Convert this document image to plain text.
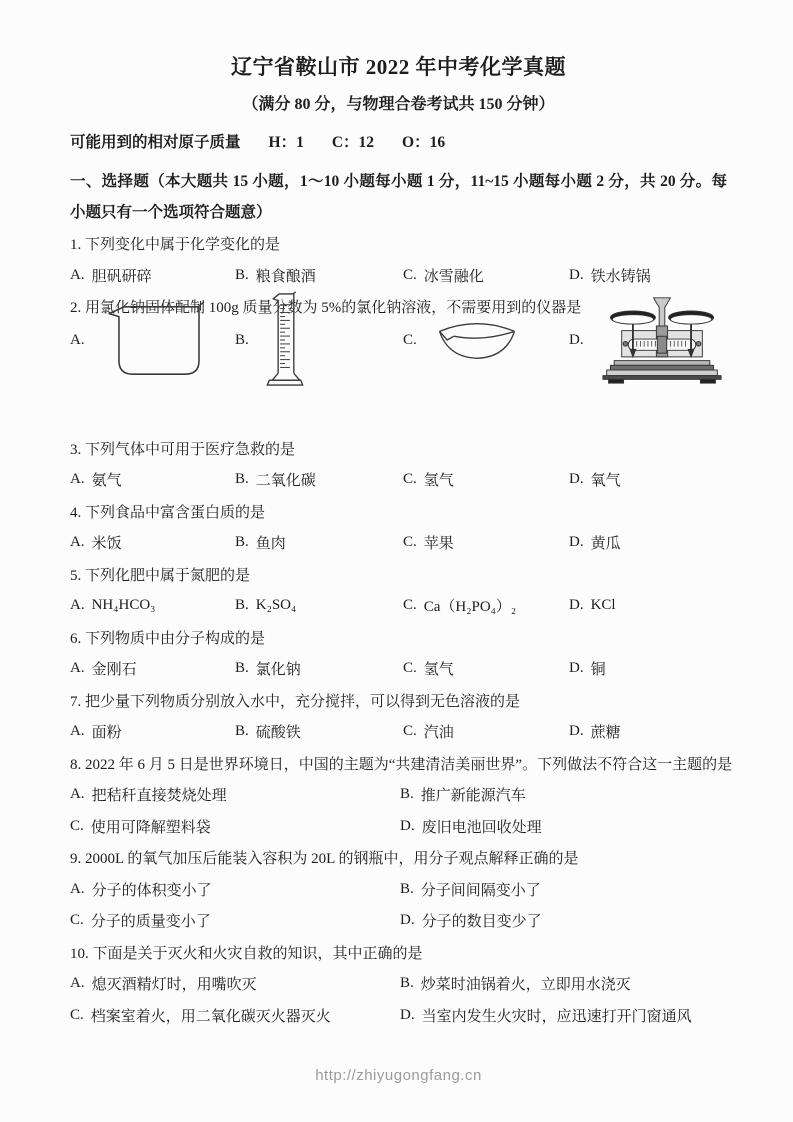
辽宁省鞍山市 2022 年中考化学真题
（满分 80 分，与物理合卷考试共 150 分钟）
可能用到的相对原子质量 H：1 C：12 O：16
一、选择题（本大题共 15 小题，1～10 小题每小题 1 分，11~15 小题每小题 2 分，共 20 分。每小题只有一个选项符合题意）
1. 下列变化中属于化学变化的是
A. 胆矾研碎	B. 粮食酿酒	C. 冰雪融化	D. 铁水铸锅
2. 用氯化钠固体配制 100g 质量分数为 5%的氯化钠溶液，不需要用到的仪器是
A.	B.	C.	D.
3. 下列气体中可用于医疗急救的是
A. 氨气	B. 二氧化碳	C. 氢气	D. 氧气
4. 下列食品中富含蛋白质的是
A. 米饭	B. 鱼肉	C. 苹果	D. 黄瓜
5. 下列化肥中属于氮肥的是
A. NH₄HCO₃	B. K₂SO₄	C. Ca（H₂PO₄）₂	D. KCl
6. 下列物质中由分子构成的是
A. 金刚石	B. 氯化钠	C. 氢气	D. 铜
7. 把少量下列物质分别放入水中，充分搅拌，可以得到无色溶液的是
A. 面粉	B. 硫酸铁	C. 汽油	D. 蔗糖
8. 2022 年 6 月 5 日是世界环境日，中国的主题为“共建清洁美丽世界”。下列做法不符合这一主题的是
A. 把秸秆直接焚烧处理	B. 推广新能源汽车
C. 使用可降解塑料袋	D. 废旧电池回收处理
9. 2000L 的氧气加压后能装入容积为 20L 的钢瓶中，用分子观点解释正确的是
A. 分子的体积变小了	B. 分子间间隔变小了
C. 分子的质量变小了	D. 分子的数目变少了
10. 下面是关于灭火和火灾自救的知识，其中正确的是
A. 熄灭酒精灯时，用嘴吹灭	B. 炒菜时油锅着火，立即用水浇灭
C. 档案室着火，用二氧化碳灭火器灭火	D. 当室内发生火灾时，应迅速打开门窗通风
http://zhiyugongfang.cn
